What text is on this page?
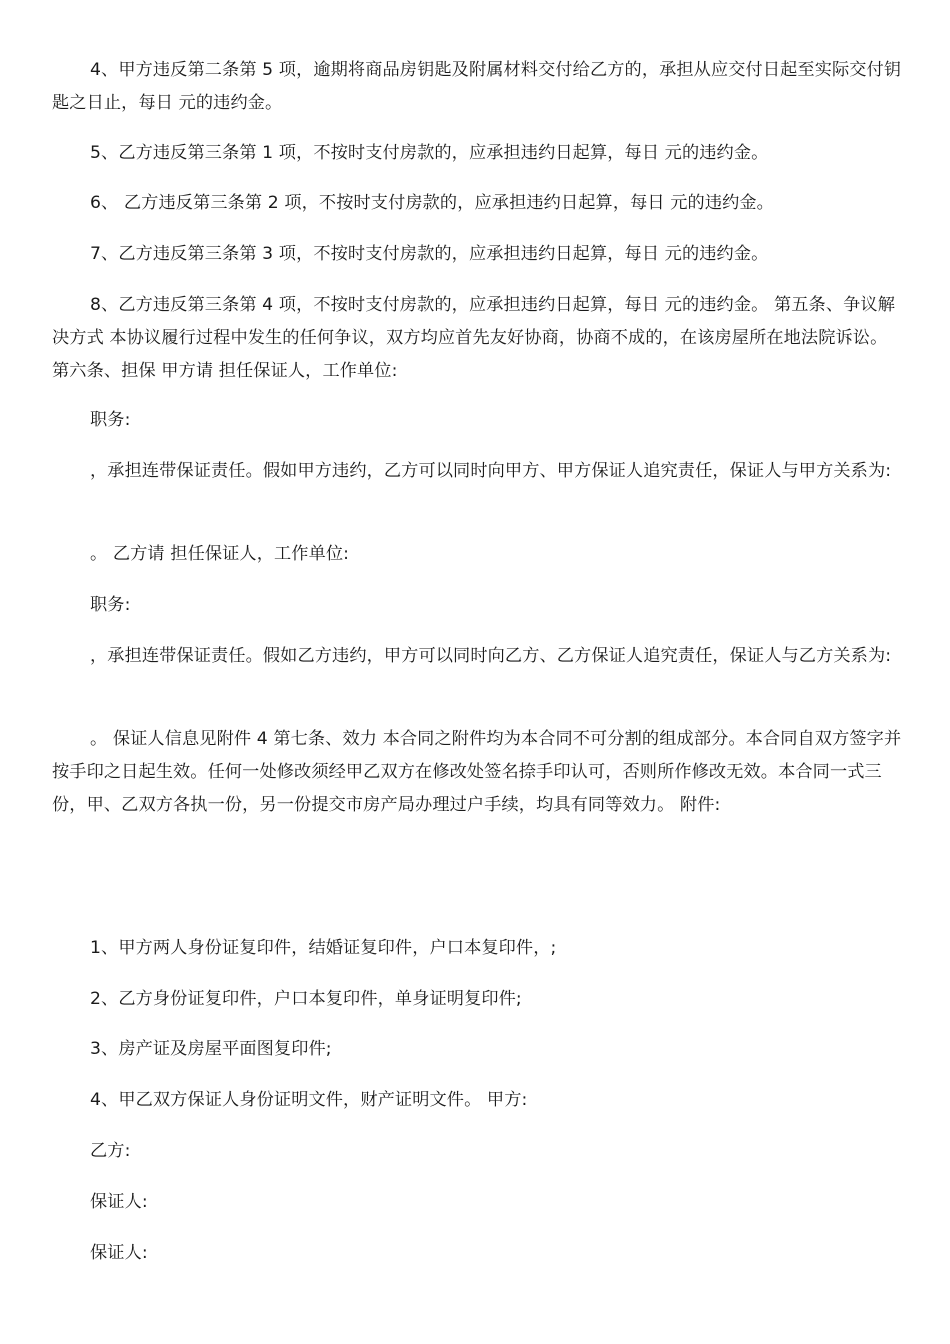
4、甲方违反第二条第 5 项，逾期将商品房钥匙及附属材料交付给乙方的，承担从应交付日起至实际交付钥匙之日止，每日 元的违约金。

5、乙方违反第三条第 1 项，不按时支付房款的，应承担违约日起算，每日 元的违约金。

6、 乙方违反第三条第 2 项，不按时支付房款的，应承担违约日起算，每日 元的违约金。

7、乙方违反第三条第 3 项，不按时支付房款的，应承担违约日起算，每日 元的违约金。

8、乙方违反第三条第 4 项，不按时支付房款的，应承担违约日起算，每日 元的违约金。 第五条、争议解决方式 本协议履行过程中发生的任何争议，双方均应首先友好协商，协商不成的，在该房屋所在地法院诉讼。 第六条、担保 甲方请 担任保证人，工作单位:

职务:

，承担连带保证责任。假如甲方违约，乙方可以同时向甲方、甲方保证人追究责任，保证人与甲方关系为:

。 乙方请 担任保证人，工作单位:

职务:

，承担连带保证责任。假如乙方违约，甲方可以同时向乙方、乙方保证人追究责任，保证人与乙方关系为:

。 保证人信息见附件 4 第七条、效力 本合同之附件均为本合同不可分割的组成部分。本合同自双方签字并按手印之日起生效。任何一处修改须经甲乙双方在修改处签名捺手印认可，否则所作修改无效。本合同一式三份，甲、乙双方各执一份，另一份提交市房产局办理过户手续，均具有同等效力。 附件:

1、甲方两人身份证复印件，结婚证复印件，户口本复印件，;

2、乙方身份证复印件，户口本复印件，单身证明复印件;

3、房产证及房屋平面图复印件;

4、甲乙双方保证人身份证明文件，财产证明文件。 甲方:

乙方:

保证人:

保证人:
